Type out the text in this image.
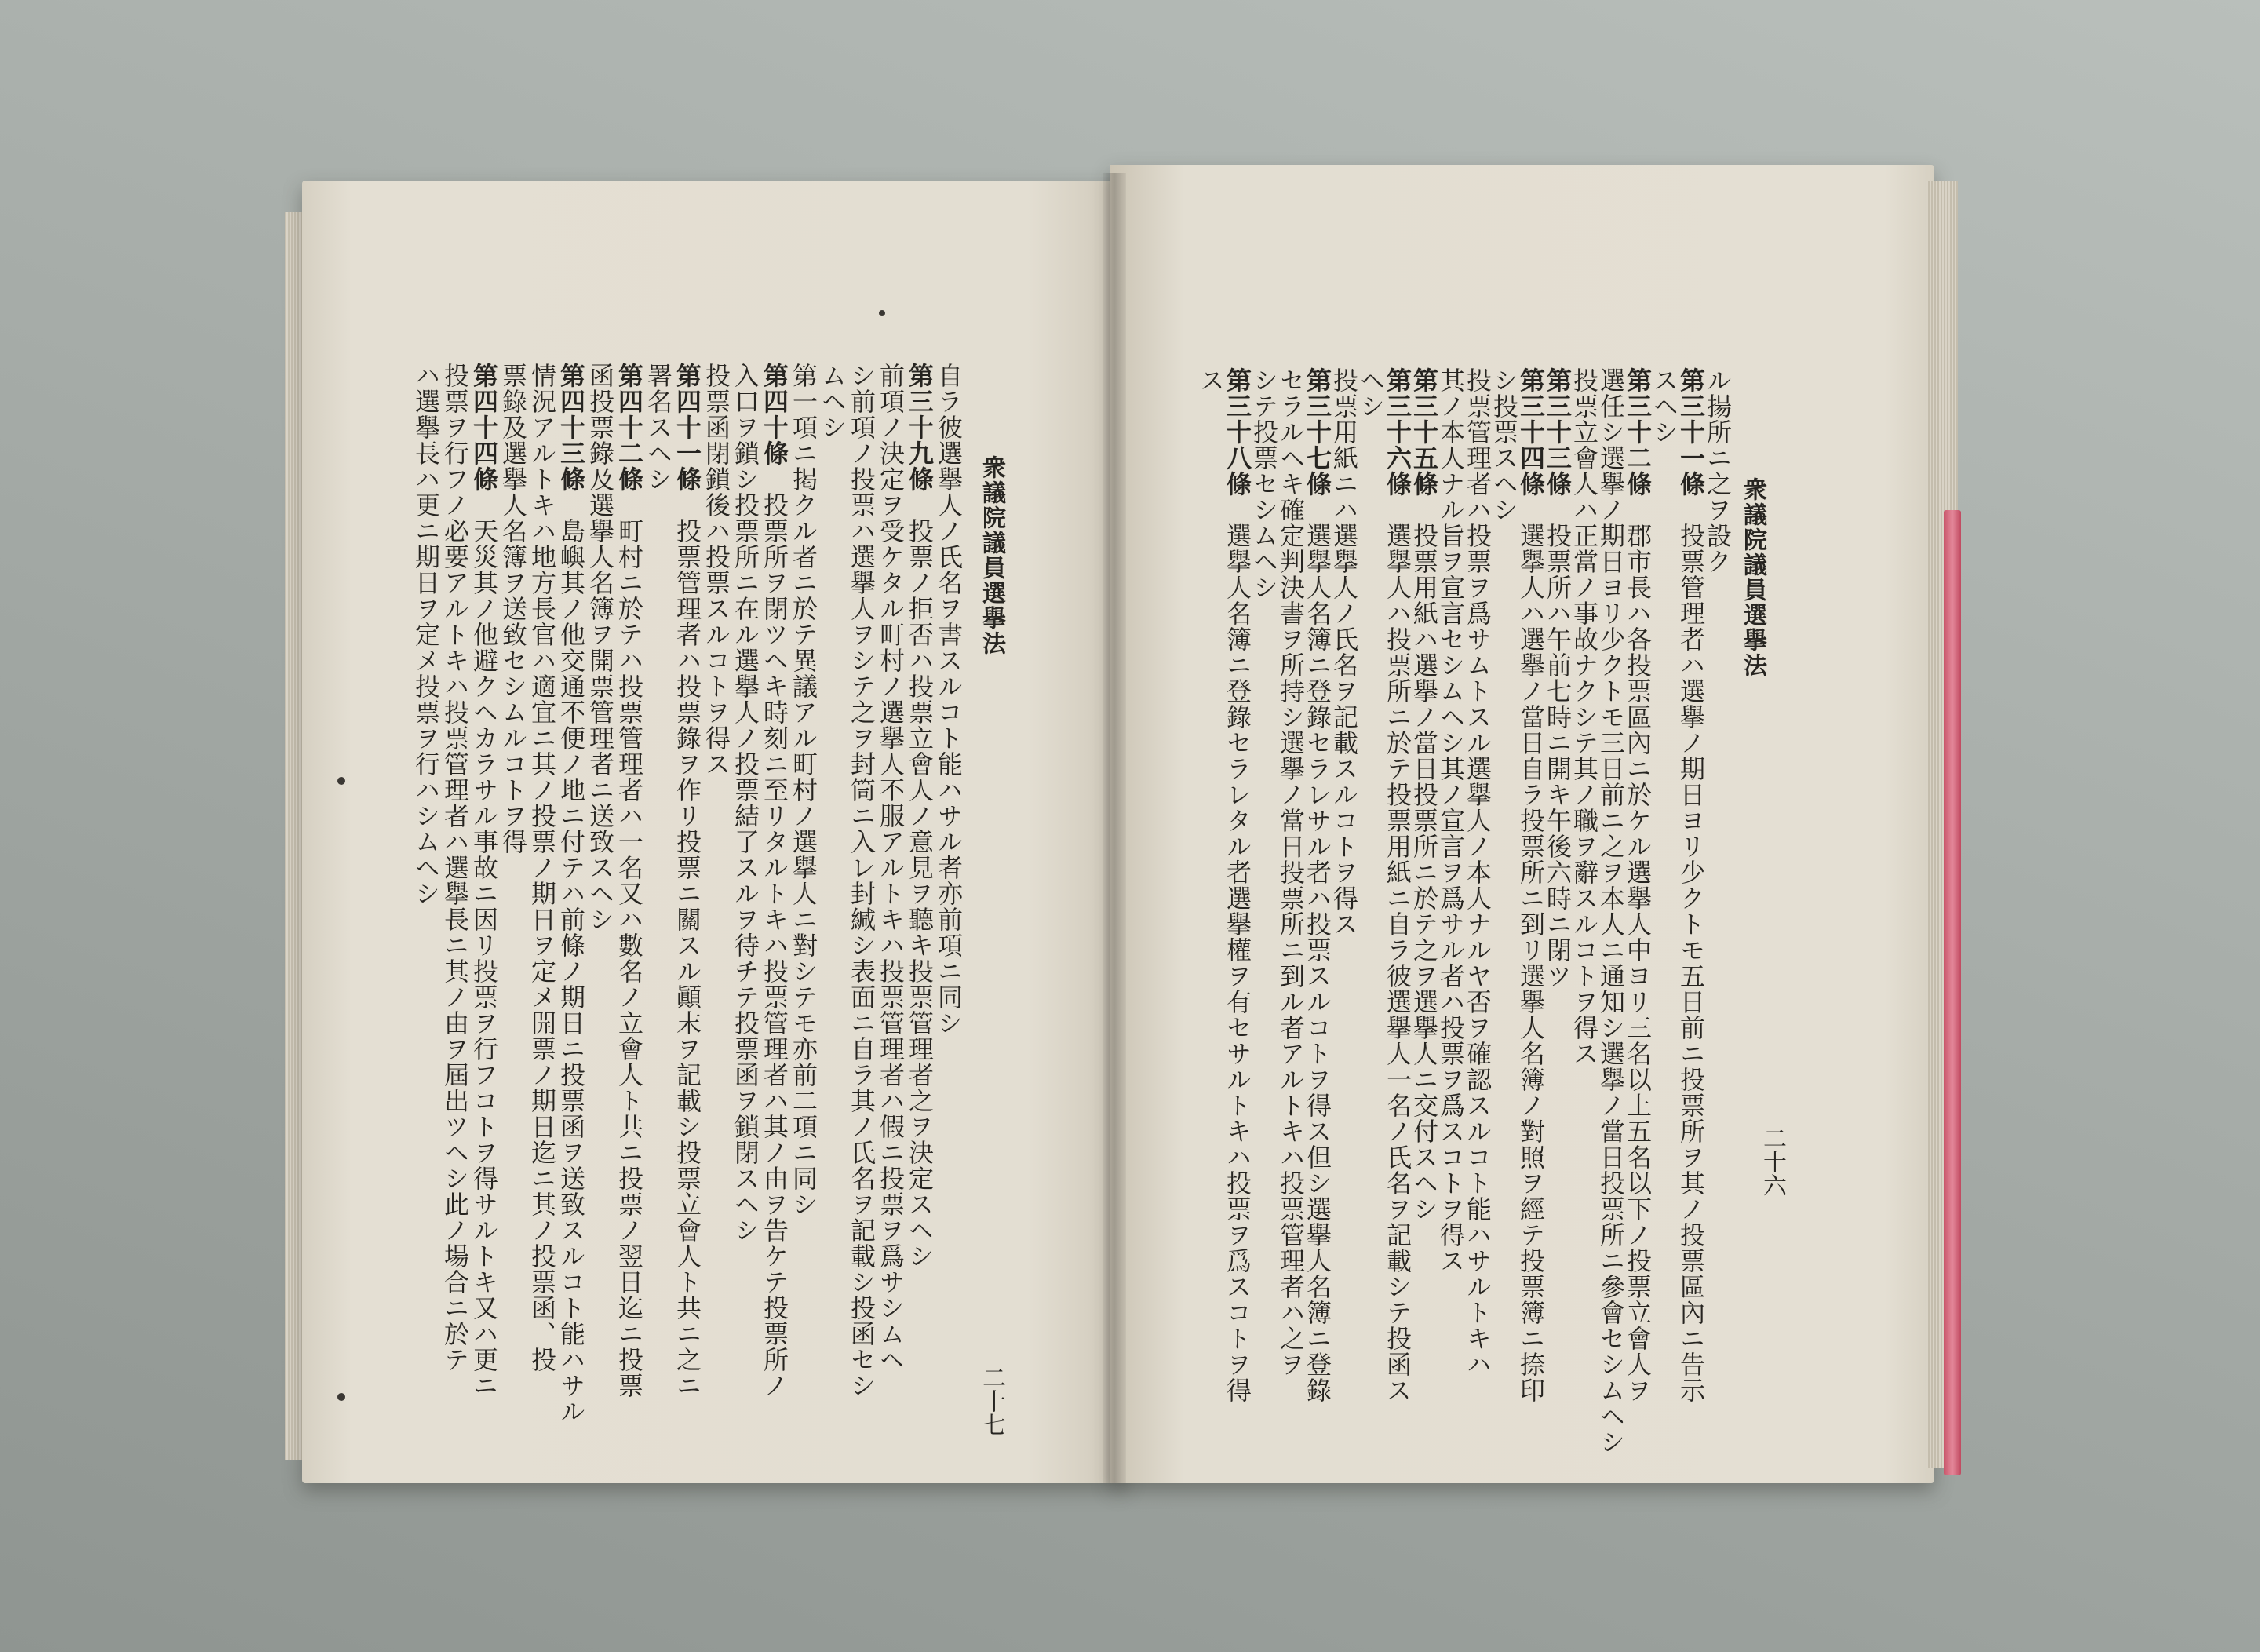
衆議院議員選擧法
二十七
自ラ彼選擧人ノ氏名ヲ書スルコト能ハサル者亦前項ニ同シ
第三十九條　投票ノ拒否ハ投票立會人ノ意見ヲ聽キ投票管理者之ヲ決定スヘシ
前項ノ決定ヲ受ケタル町村ノ選擧人不服アルトキハ投票管理者ハ假ニ投票ヲ爲サシムヘ
シ前項ノ投票ハ選擧人ヲシテ之ヲ封筒ニ入レ封緘シ表面ニ自ラ其ノ氏名ヲ記載シ投函セシ
ムヘシ
第一項ニ掲クル者ニ於テ異議アル町村ノ選擧人ニ對シテモ亦前二項ニ同シ
第四十條　投票所ヲ閉ツヘキ時刻ニ至リタルトキハ投票管理者ハ其ノ由ヲ告ケテ投票所ノ
入口ヲ鎖シ投票所ニ在ル選擧人ノ投票結了スルヲ待チテ投票函ヲ鎖閉スヘシ
投票函閉鎖後ハ投票スルコトヲ得ス
第四十一條　投票管理者ハ投票錄ヲ作リ投票ニ關スル顚末ヲ記載シ投票立會人ト共ニ之ニ
署名スヘシ
第四十二條　町村ニ於テハ投票管理者ハ一名又ハ數名ノ立會人ト共ニ投票ノ翌日迄ニ投票
函投票錄及選擧人名簿ヲ開票管理者ニ送致スヘシ
第四十三條　島嶼其ノ他交通不便ノ地ニ付テハ前條ノ期日ニ投票函ヲ送致スルコト能ハサル
情況アルトキハ地方長官ハ適宜ニ其ノ投票ノ期日ヲ定メ開票ノ期日迄ニ其ノ投票函、投
票錄及選擧人名簿ヲ送致セシムルコトヲ得
第四十四條　天災其ノ他避クヘカラサル事故ニ因リ投票ヲ行フコトヲ得サルトキ又ハ更ニ
投票ヲ行フノ必要アルトキハ投票管理者ハ選擧長ニ其ノ由ヲ屆出ツヘシ此ノ場合ニ於テ
ハ選擧長ハ更ニ期日ヲ定メ投票ヲ行ハシムヘシ	衆議院議員選擧法
二十六
ル揚所ニ之ヲ設ク
第三十一條　投票管理者ハ選擧ノ期日ヨリ少クトモ五日前ニ投票所ヲ其ノ投票區內ニ告示
スヘシ
第三十二條　郡市長ハ各投票區內ニ於ケル選擧人中ヨリ三名以上五名以下ノ投票立會人ヲ
選任シ選擧ノ期日ヨリ少クトモ三日前ニ之ヲ本人ニ通知シ選擧ノ當日投票所ニ參會セシムヘシ
投票立會人ハ正當ノ事故ナクシテ其ノ職ヲ辭スルコトヲ得ス
第三十三條　投票所ハ午前七時ニ開キ午後六時ニ閉ツ
第三十四條　選擧人ハ選擧ノ當日自ラ投票所ニ到リ選擧人名簿ノ對照ヲ經テ投票簿ニ捺印
シ投票スヘシ
投票管理者ハ投票ヲ爲サムトスル選擧人ノ本人ナルヤ否ヲ確認スルコト能ハサルトキハ
其ノ本人ナル旨ヲ宣言セシムヘシ其ノ宣言ヲ爲サル者ハ投票ヲ爲スコトヲ得ス
第三十五條　投票用紙ハ選擧ノ當日投票所ニ於テ之ヲ選擧人ニ交付スヘシ
第三十六條　選擧人ハ投票所ニ於テ投票用紙ニ自ラ彼選擧人一名ノ氏名ヲ記載シテ投函ス
ヘシ
投票用紙ニハ選擧人ノ氏名ヲ記載スルコトヲ得ス
第三十七條　選擧人名簿ニ登錄セラレサル者ハ投票スルコトヲ得ス但シ選擧人名簿ニ登錄
セラルヘキ確定判決書ヲ所持シ選擧ノ當日投票所ニ到ル者アルトキハ投票管理者ハ之ヲ
シテ投票セシムヘシ
第三十八條　選擧人名簿ニ登錄セラレタル者選擧權ヲ有セサルトキハ投票ヲ爲スコトヲ得
ス
